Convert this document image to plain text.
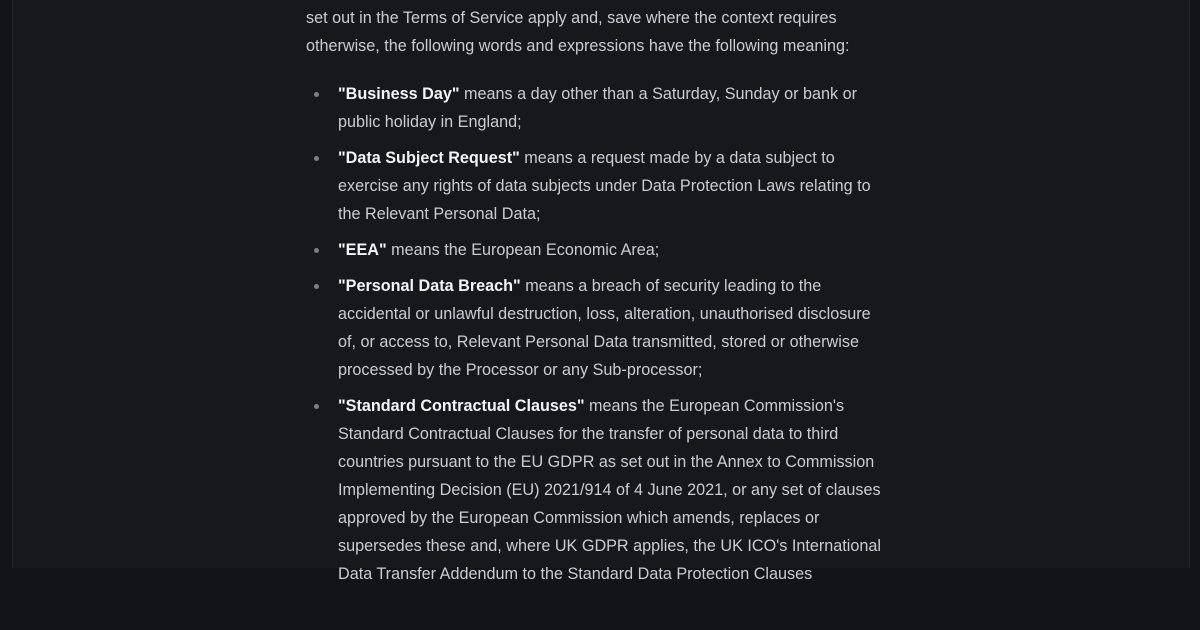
set out in the Terms of Service apply and, save where the context requires otherwise, the following words and expressions have the following meaning:

"Business Day" means a day other than a Saturday, Sunday or bank or public holiday in England;
"Data Subject Request" means a request made by a data subject to exercise any rights of data subjects under Data Protection Laws relating to the Relevant Personal Data;
"EEA" means the European Economic Area;
"Personal Data Breach" means a breach of security leading to the accidental or unlawful destruction, loss, alteration, unauthorised disclosure of, or access to, Relevant Personal Data transmitted, stored or otherwise processed by the Processor or any Sub-processor;
"Standard Contractual Clauses" means the European Commission's Standard Contractual Clauses for the transfer of personal data to third countries pursuant to the EU GDPR as set out in the Annex to Commission Implementing Decision (EU) 2021/914 of 4 June 2021, or any set of clauses approved by the European Commission which amends, replaces or supersedes these and, where UK GDPR applies, the UK ICO's International Data Transfer Addendum to the Standard Data Protection Clauses
